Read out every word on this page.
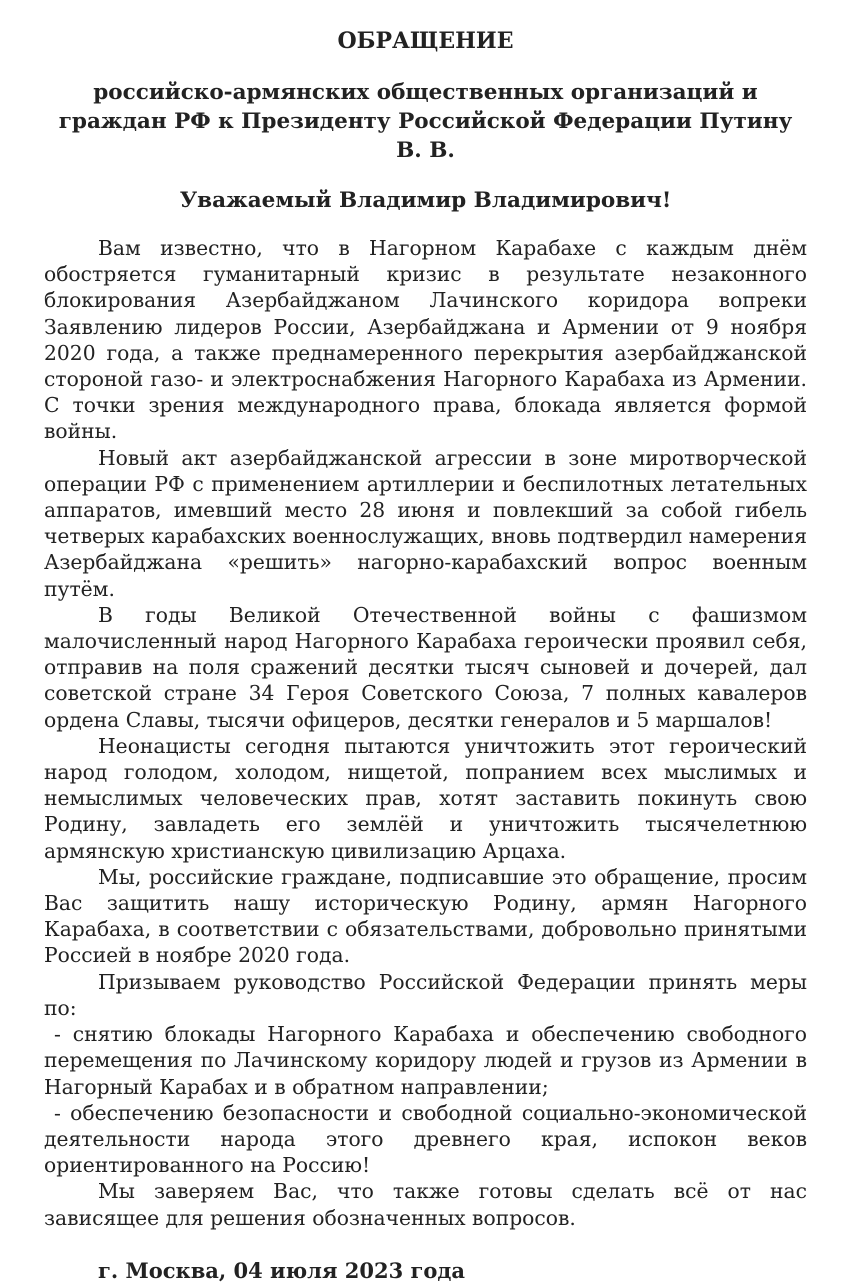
ОБРАЩЕНИЕ
российско-армянских общественных организаций и
граждан РФ к Президенту Российской Федерации Путину В. В.
Уважаемый Владимир Владимирович!

Вам известно, что в Нагорном Карабахе с каждым днём обостряется гуманитарный кризис в результате незаконного блокирования Азербайджаном Лачинского коридора вопреки Заявлению лидеров России, Азербайджана и Армении от 9 ноября 2020 года, а также преднамеренного перекрытия азербайджанской стороной газо- и электроснабжения Нагорного Карабаха из Армении. С точки зрения международного права, блокада является формой войны.

Новый акт азербайджанской агрессии в зоне миротворческой операции РФ с применением артиллерии и беспилотных летательных аппаратов, имевший место 28 июня и повлекший за собой гибель четверых карабахских военнослужащих, вновь подтвердил намерения Азербайджана «решить» нагорно-карабахский вопрос военным путём.

В годы Великой Отечественной войны с фашизмом малочисленный народ Нагорного Карабаха героически проявил себя, отправив на поля сражений десятки тысяч сыновей и дочерей, дал советской стране 34 Героя Советского Союза, 7 полных кавалеров ордена Славы, тысячи офицеров, десятки генералов и 5 маршалов!

Неонацисты сегодня пытаются уничтожить этот героический народ голодом, холодом, нищетой, попранием всех мыслимых и немыслимых человеческих прав, хотят заставить покинуть свою Родину, завладеть его землёй и уничтожить тысячелетнюю армянскую христианскую цивилизацию Арцаха.

Мы, российские граждане, подписавшие это обращение, просим Вас защитить нашу историческую Родину, армян Нагорного Карабаха, в соответствии с обязательствами, добровольно принятыми Россией в ноябре 2020 года.

Призываем руководство Российской Федерации принять меры по:

- снятию блокады Нагорного Карабаха и обеспечению свободного перемещения по Лачинскому коридору людей и грузов из Армении в Нагорный Карабах и в обратном направлении;

- обеспечению безопасности и свободной социально-экономической деятельности народа этого древнего края, испокон веков ориентированного на Россию!

Мы заверяем Вас, что также готовы сделать всё от нас зависящее для решения обозначенных вопросов.

г. Москва, 04 июля 2023 года
